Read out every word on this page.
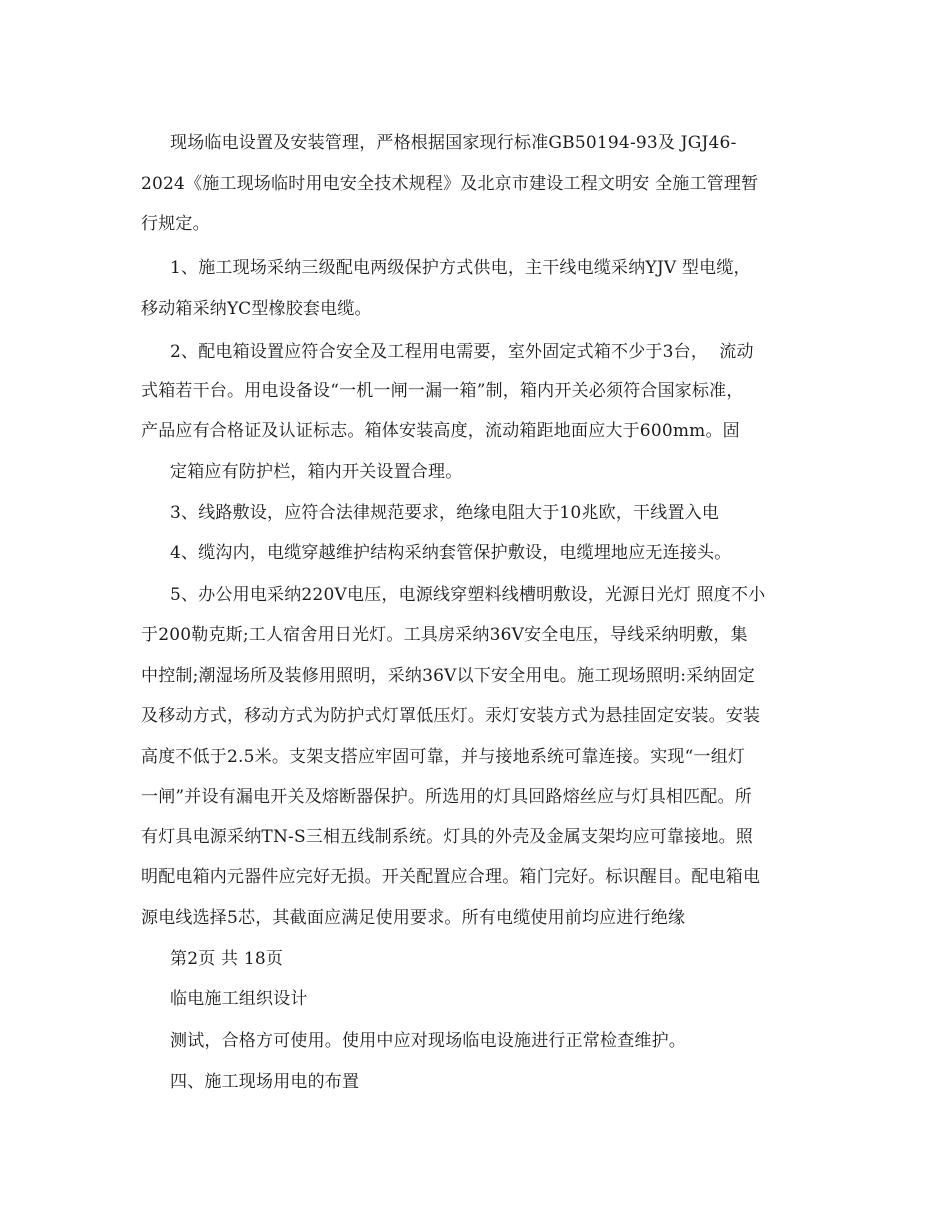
现场临电设置及安装管理，严格根据国家现行标准GB50194-93及 JGJ46-
2024《施工现场临时用电安全技术规程》及北京市建设工程文明安 全施工管理暂
行规定。
1、施工现场采纳三级配电两级保护方式供电，主干线电缆采纳YJV 型电缆，
移动箱采纳YC型橡胶套电缆。
2、配电箱设置应符合安全及工程用电需要，室外固定式箱不少于3台，  流动
式箱若干台。用电设备设“一机一闸一漏一箱”制，箱内开关必须符合国家标准，
产品应有合格证及认证标志。箱体安装高度，流动箱距地面应大于600mm。固
定箱应有防护栏，箱内开关设置合理。
3、线路敷设，应符合法律规范要求，绝缘电阻大于10兆欧，干线置入电
4、缆沟内，电缆穿越维护结构采纳套管保护敷设，电缆埋地应无连接头。
5、办公用电采纳220V电压，电源线穿塑料线槽明敷设，光源日光灯 照度不小
于200勒克斯;工人宿舍用日光灯。工具房采纳36V安全电压，导线采纳明敷，集
中控制;潮湿场所及装修用照明，采纳36V以下安全用电。施工现场照明:采纳固定
及移动方式，移动方式为防护式灯罩低压灯。汞灯安装方式为悬挂固定安装。安装
高度不低于2.5米。支架支搭应牢固可靠，并与接地系统可靠连接。实现“一组灯
一闸”并设有漏电开关及熔断器保护。所选用的灯具回路熔丝应与灯具相匹配。所
有灯具电源采纳TN-S三相五线制系统。灯具的外壳及金属支架均应可靠接地。照
明配电箱内元器件应完好无损。开关配置应合理。箱门完好。标识醒目。配电箱电
源电线选择5芯，其截面应满足使用要求。所有电缆使用前均应进行绝缘
第2页 共 18页
临电施工组织设计
测试，合格方可使用。使用中应对现场临电设施进行正常检查维护。
四、施工现场用电的布置
